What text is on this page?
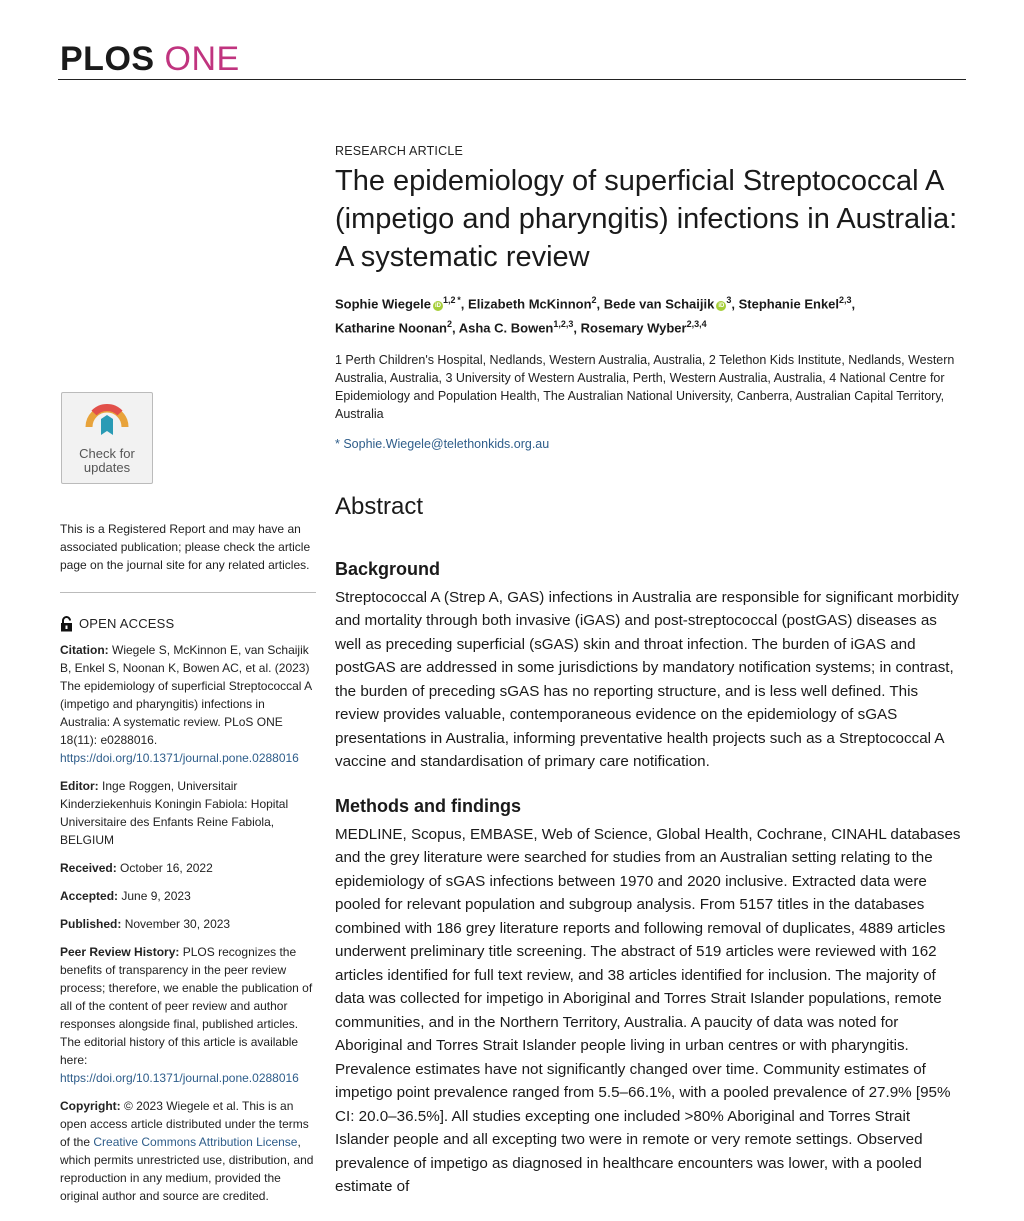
PLOS ONE
Check for updates
This is a Registered Report and may have an associated publication; please check the article page on the journal site for any related articles.
OPEN ACCESS

Citation: Wiegele S, McKinnon E, van Schaijik B, Enkel S, Noonan K, Bowen AC, et al. (2023) The epidemiology of superficial Streptococcal A (impetigo and pharyngitis) infections in Australia: A systematic review. PLoS ONE 18(11): e0288016. https://doi.org/10.1371/journal.pone.0288016

Editor: Inge Roggen, Universitair Kinderziekenhuis Koningin Fabiola: Hopital Universitaire des Enfants Reine Fabiola, BELGIUM

Received: October 16, 2022

Accepted: June 9, 2023

Published: November 30, 2023

Peer Review History: PLOS recognizes the benefits of transparency in the peer review process; therefore, we enable the publication of all of the content of peer review and author responses alongside final, published articles. The editorial history of this article is available here: https://doi.org/10.1371/journal.pone.0288016

Copyright: © 2023 Wiegele et al. This is an open access article distributed under the terms of the Creative Commons Attribution License, which permits unrestricted use, distribution, and reproduction in any medium, provided the original author and source are credited.

RESEARCH ARTICLE
The epidemiology of superficial Streptococcal A (impetigo and pharyngitis) infections in Australia: A systematic review
Sophie Wiegele $iD^{1,2 *}$, Elizabeth McKinnon$^2$, Bede van Schaijik $iD^3$, Stephanie Enkel$^{2,3}$,
Katharine Noonan$^2$, Asha C. Bowen$^{1,2,3}$, Rosemary Wyber$^{2,3,4}$
1 Perth Children's Hospital, Nedlands, Western Australia, Australia, 2 Telethon Kids Institute, Nedlands, Western Australia, Australia, 3 University of Western Australia, Perth, Western Australia, Australia, 4 National Centre for Epidemiology and Population Health, The Australian National University, Canberra, Australian Capital Territory, Australia
* Sophie.Wiegele@telethonkids.org.au
Abstract
Background

Streptococcal A (Strep A, GAS) infections in Australia are responsible for significant morbidity and mortality through both invasive (iGAS) and post-streptococcal (postGAS) diseases as well as preceding superficial (sGAS) skin and throat infection. The burden of iGAS and postGAS are addressed in some jurisdictions by mandatory notification systems; in contrast, the burden of preceding sGAS has no reporting structure, and is less well defined. This review provides valuable, contemporaneous evidence on the epidemiology of sGAS presentations in Australia, informing preventative health projects such as a Streptococcal A vaccine and standardisation of primary care notification.

Methods and findings

MEDLINE, Scopus, EMBASE, Web of Science, Global Health, Cochrane, CINAHL databases and the grey literature were searched for studies from an Australian setting relating to the epidemiology of sGAS infections between 1970 and 2020 inclusive. Extracted data were pooled for relevant population and subgroup analysis. From 5157 titles in the databases combined with 186 grey literature reports and following removal of duplicates, 4889 articles underwent preliminary title screening. The abstract of 519 articles were reviewed with 162 articles identified for full text review, and 38 articles identified for inclusion. The majority of data was collected for impetigo in Aboriginal and Torres Strait Islander populations, remote communities, and in the Northern Territory, Australia. A paucity of data was noted for Aboriginal and Torres Strait Islander people living in urban centres or with pharyngitis. Prevalence estimates have not significantly changed over time. Community estimates of impetigo point prevalence ranged from 5.5–66.1%, with a pooled prevalence of 27.9% [95% CI: 20.0–36.5%]. All studies excepting one included >80% Aboriginal and Torres Strait Islander people and all excepting two were in remote or very remote settings. Observed prevalence of impetigo as diagnosed in healthcare encounters was lower, with a pooled estimate of
